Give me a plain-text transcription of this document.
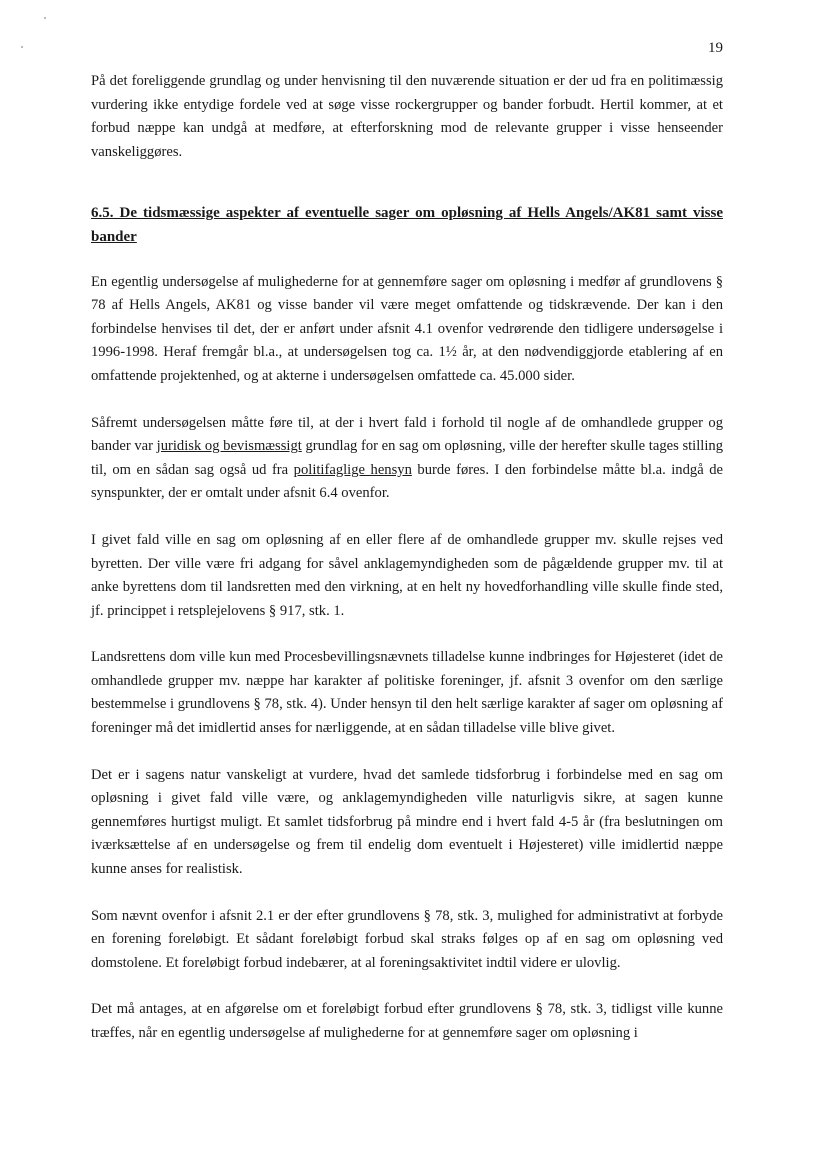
19

På det foreliggende grundlag og under henvisning til den nuværende situation er der ud fra en politimæssig vurdering ikke entydige fordele ved at søge visse rockergrupper og bander forbudt. Hertil kommer, at et forbud næppe kan undgå at medføre, at efterforskning mod de relevante grupper i visse henseender vanskeliggøres.

6.5. De tidsmæssige aspekter af eventuelle sager om opløsning af Hells Angels/AK81 samt visse bander

En egentlig undersøgelse af mulighederne for at gennemføre sager om opløsning i medfør af grundlovens § 78 af Hells Angels, AK81 og visse bander vil være meget omfattende og tidskrævende. Der kan i den forbindelse henvises til det, der er anført under afsnit 4.1 ovenfor vedrørende den tidligere undersøgelse i 1996-1998. Heraf fremgår bl.a., at undersøgelsen tog ca. 1½ år, at den nødvendiggjorde etablering af en omfattende projektenhed, og at akterne i undersøgelsen omfattede ca. 45.000 sider.

Såfremt undersøgelsen måtte føre til, at der i hvert fald i forhold til nogle af de omhandlede grupper og bander var juridisk og bevismæssigt grundlag for en sag om opløsning, ville der herefter skulle tages stilling til, om en sådan sag også ud fra politifaglige hensyn burde føres. I den forbindelse måtte bl.a. indgå de synspunkter, der er omtalt under afsnit 6.4 ovenfor.

I givet fald ville en sag om opløsning af en eller flere af de omhandlede grupper mv. skulle rejses ved byretten. Der ville være fri adgang for såvel anklagemyndigheden som de pågældende grupper mv. til at anke byrettens dom til landsretten med den virkning, at en helt ny hovedforhandling ville skulle finde sted, jf. princippet i retsplejelovens § 917, stk. 1.

Landsrettens dom ville kun med Procesbevillingsnævnets tilladelse kunne indbringes for Højesteret (idet de omhandlede grupper mv. næppe har karakter af politiske foreninger, jf. afsnit 3 ovenfor om den særlige bestemmelse i grundlovens § 78, stk. 4). Under hensyn til den helt særlige karakter af sager om opløsning af foreninger må det imidlertid anses for nærliggende, at en sådan tilladelse ville blive givet.

Det er i sagens natur vanskeligt at vurdere, hvad det samlede tidsforbrug i forbindelse med en sag om opløsning i givet fald ville være, og anklagemyndigheden ville naturligvis sikre, at sagen kunne gennemføres hurtigst muligt. Et samlet tidsforbrug på mindre end i hvert fald 4-5 år (fra beslutningen om iværksættelse af en undersøgelse og frem til endelig dom eventuelt i Højesteret) ville imidlertid næppe kunne anses for realistisk.

Som nævnt ovenfor i afsnit 2.1 er der efter grundlovens § 78, stk. 3, mulighed for administrativt at forbyde en forening foreløbigt. Et sådant foreløbigt forbud skal straks følges op af en sag om opløsning ved domstolene. Et foreløbigt forbud indebærer, at al foreningsaktivitet indtil videre er ulovlig.

Det må antages, at en afgørelse om et foreløbigt forbud efter grundlovens § 78, stk. 3, tidligst ville kunne træffes, når en egentlig undersøgelse af mulighederne for at gennemføre sager om opløsning i
